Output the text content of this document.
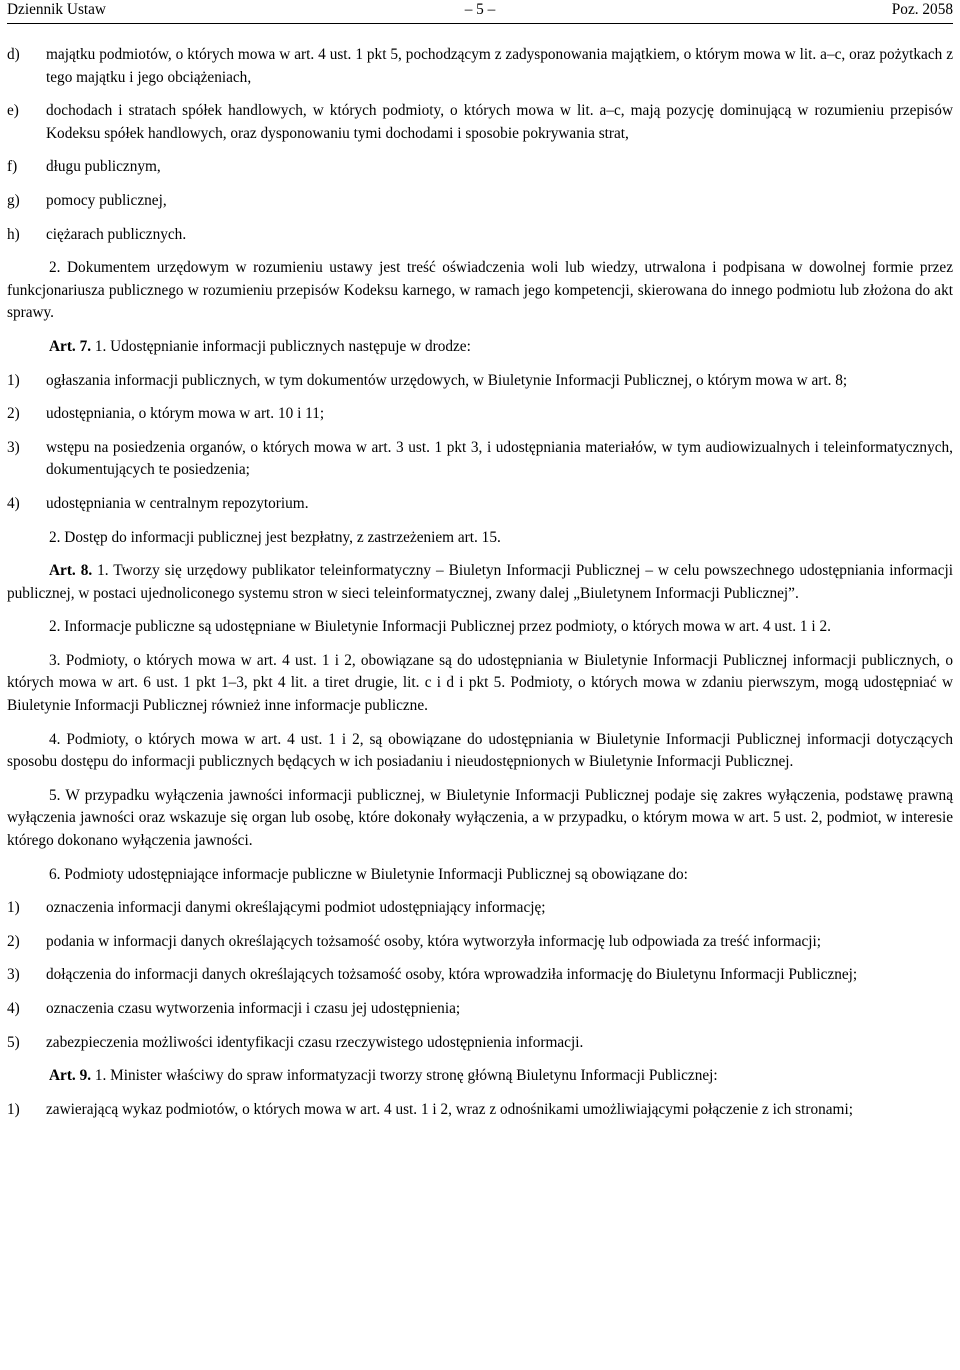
Dziennik Ustaw	– 5 –	Poz. 2058
d)	majątku podmiotów, o których mowa w art. 4 ust. 1 pkt 5, pochodzącym z zadysponowania majątkiem, o którym mowa w lit. a–c, oraz pożytkach z tego majątku i jego obciążeniach,
e)	dochodach i stratach spółek handlowych, w których podmioty, o których mowa w lit. a–c, mają pozycję dominującą w rozumieniu przepisów Kodeksu spółek handlowych, oraz dysponowaniu tymi dochodami i sposobie pokrywania strat,
f)	długu publicznym,
g)	pomocy publicznej,
h)	ciężarach publicznych.
2. Dokumentem urzędowym w rozumieniu ustawy jest treść oświadczenia woli lub wiedzy, utrwalona i podpisana w dowolnej formie przez funkcjonariusza publicznego w rozumieniu przepisów Kodeksu karnego, w ramach jego kompetencji, skierowana do innego podmiotu lub złożona do akt sprawy.
Art. 7. 1. Udostępnianie informacji publicznych następuje w drodze:
1)	ogłaszania informacji publicznych, w tym dokumentów urzędowych, w Biuletynie Informacji Publicznej, o którym mowa w art. 8;
2)	udostępniania, o którym mowa w art. 10 i 11;
3)	wstępu na posiedzenia organów, o których mowa w art. 3 ust. 1 pkt 3, i udostępniania materiałów, w tym audiowizualnych i teleinformatycznych, dokumentujących te posiedzenia;
4)	udostępniania w centralnym repozytorium.
2. Dostęp do informacji publicznej jest bezpłatny, z zastrzeżeniem art. 15.
Art. 8. 1. Tworzy się urzędowy publikator teleinformatyczny – Biuletyn Informacji Publicznej – w celu powszechnego udostępniania informacji publicznej, w postaci ujednoliconego systemu stron w sieci teleinformatycznej, zwany dalej „Biuletynem Informacji Publicznej”.
2. Informacje publiczne są udostępniane w Biuletynie Informacji Publicznej przez podmioty, o których mowa w art. 4 ust. 1 i 2.
3. Podmioty, o których mowa w art. 4 ust. 1 i 2, obowiązane są do udostępniania w Biuletynie Informacji Publicznej informacji publicznych, o których mowa w art. 6 ust. 1 pkt 1–3, pkt 4 lit. a tiret drugie, lit. c i d i pkt 5. Podmioty, o których mowa w zdaniu pierwszym, mogą udostępniać w Biuletynie Informacji Publicznej również inne informacje publiczne.
4. Podmioty, o których mowa w art. 4 ust. 1 i 2, są obowiązane do udostępniania w Biuletynie Informacji Publicznej informacji dotyczących sposobu dostępu do informacji publicznych będących w ich posiadaniu i nieudostępnionych w Biuletynie Informacji Publicznej.
5. W przypadku wyłączenia jawności informacji publicznej, w Biuletynie Informacji Publicznej podaje się zakres wyłączenia, podstawę prawną wyłączenia jawności oraz wskazuje się organ lub osobę, które dokonały wyłączenia, a w przypadku, o którym mowa w art. 5 ust. 2, podmiot, w interesie którego dokonano wyłączenia jawności.
6. Podmioty udostępniające informacje publiczne w Biuletynie Informacji Publicznej są obowiązane do:
1)	oznaczenia informacji danymi określającymi podmiot udostępniający informację;
2)	podania w informacji danych określających tożsamość osoby, która wytworzyła informację lub odpowiada za treść informacji;
3)	dołączenia do informacji danych określających tożsamość osoby, która wprowadziła informację do Biuletynu Informacji Publicznej;
4)	oznaczenia czasu wytworzenia informacji i czasu jej udostępnienia;
5)	zabezpieczenia możliwości identyfikacji czasu rzeczywistego udostępnienia informacji.
Art. 9. 1. Minister właściwy do spraw informatyzacji tworzy stronę główną Biuletynu Informacji Publicznej:
1)	zawierającą wykaz podmiotów, o których mowa w art. 4 ust. 1 i 2, wraz z odnośnikami umożliwiającymi połączenie z ich stronami;
